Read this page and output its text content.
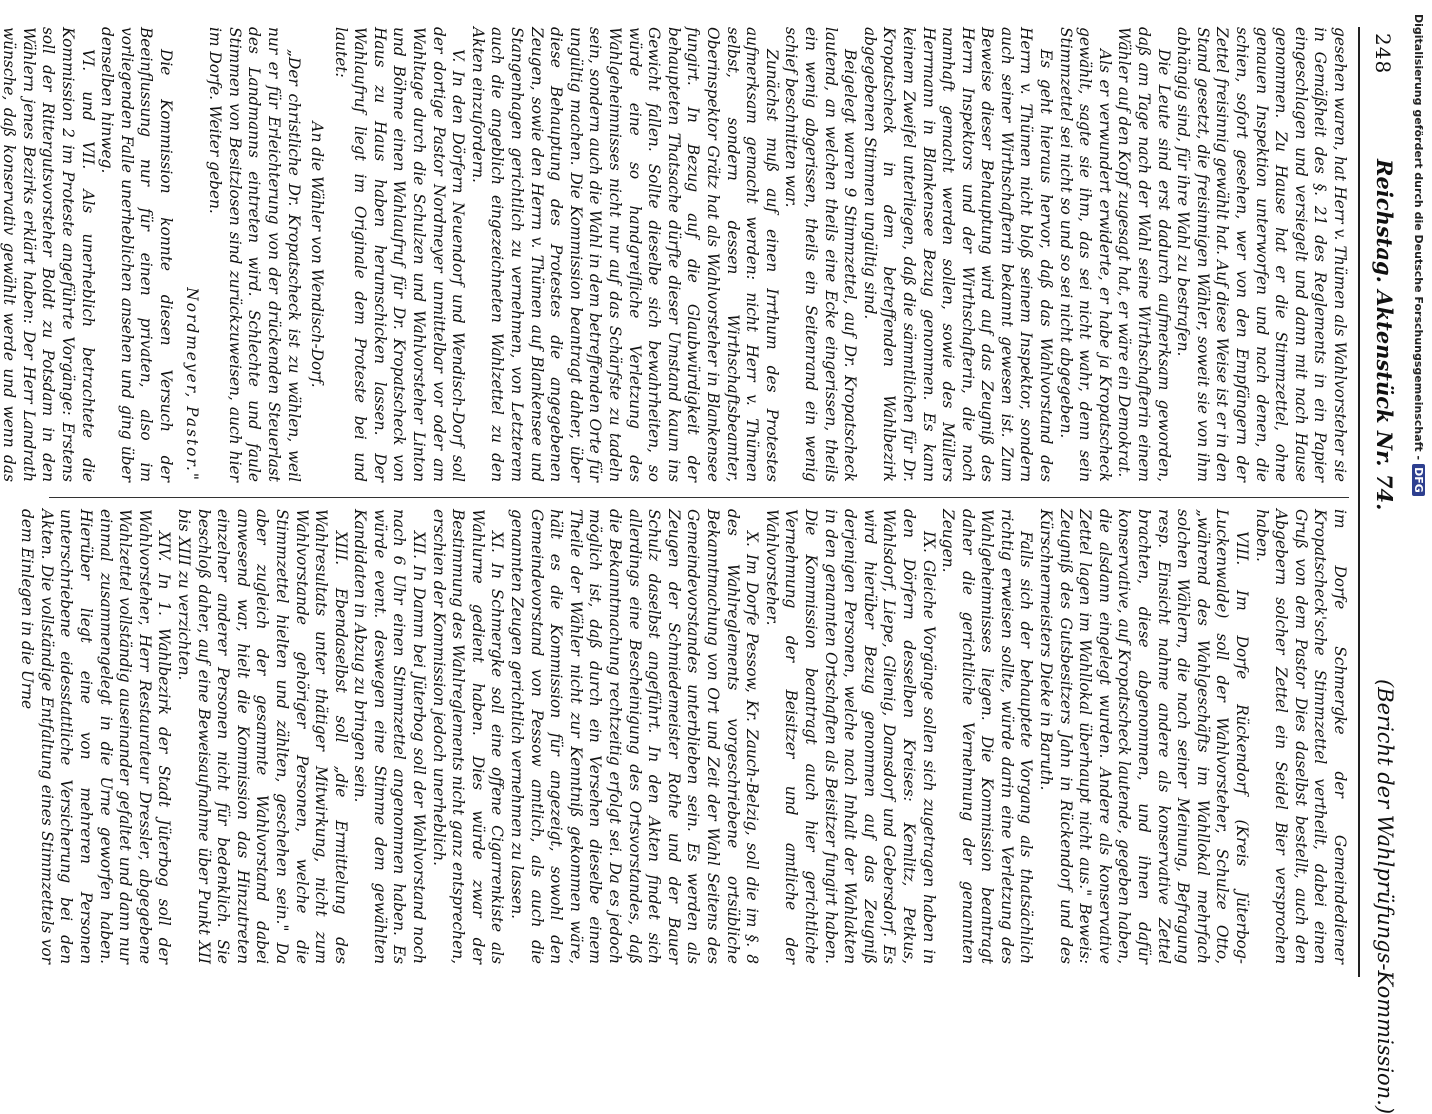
248
Reichstag. Aktenstück Nr. 74.
(Bericht der Wahlprüfungs-Kommission.)

gesehen waren, hat Herr v. Thümen als Wahlvorsteher sie in Gemäßheit des §. 21 des Reglements in ein Papier eingeschlagen und versiegelt und dann mit nach Hause genommen. Zu Hause hat er die Stimmzettel, ohne genauen Inspektion unterworfen und nach denen, die schien, sofort gesehen, wer von den Empfängern der Zettel freisinnig gewählt hat. Auf diese Weise ist er in den Stand gesetzt, die freisinnigen Wähler, soweit sie von ihm abhängig sind, für ihre Wahl zu bestrafen.

Die Leute sind erst dadurch aufmerksam geworden, daß am Tage nach der Wahl seine Wirthschafterin einem Wähler auf den Kopf zugesagt hat, er wäre ein Demokrat.

Als er verwundert erwiderte, er habe ja Kropatscheck gewählt, sagte sie ihm, das sei nicht wahr, denn sein Stimmzettel sei nicht so und so sei nicht abgegeben.

Es geht hieraus hervor, daß das Wahlvorstand des Herrn v. Thümen nicht bloß seinem Inspektor, sondern auch seiner Wirthschafterin bekannt gewesen ist. Zum Beweise dieser Behauptung wird auf das Zeugniß des Herrn Inspektors und der Wirthschafterin, die noch namhaft gemacht werden sollen, sowie des Müllers Herrmann in Blankensee Bezug genommen. Es kann keinem Zweifel unterliegen, daß die sämmtlichen für Dr. Kropatscheck in dem betreffenden Wahlbezirk abgegebenen Stimmen ungültig sind.

Beigelegt waren 9 Stimmzettel, auf Dr. Kropatscheck lautend, an welchen theils eine Ecke eingerissen, theils ein wenig abgerissen, theils ein Seitenrand ein wenig schief beschnitten war.

Zunächst muß auf einen Irrthum des Protestes aufmerksam gemacht werden: nicht Herr v. Thümen selbst, sondern dessen Wirthschaftsbeamter, Oberinspektor Grätz hat als Wahlvorsteher in Blankensee fungirt. In Bezug auf die Glaubwürdigkeit der behaupteten Thatsache dürfte dieser Umstand kaum ins Gewicht fallen. Sollte dieselbe sich bewahrheiten, so würde eine so handgreifliche Verletzung des Wahlgeheimnisses nicht nur auf das Schärfste zu tadeln sein, sondern auch die Wahl in dem betreffenden Orte für ungültig machen. Die Kommission beantragt daher, über diese Behauptung des Protestes die angegebenen Zeugen, sowie den Herrn v. Thümen auf Blankensee und Stangenhagen gerichtlich zu vernehmen, von Letzterem auch die angeblich eingezeichneten Wahlzettel zu den Akten einzufordern.

V. In den Dörfern Neuendorf und Wendisch-Dorf soll der dortige Pastor Nordmeyer unmittelbar vor oder am Wahltage durch die Schulzen und Wahlvorsteher Linton und Böhme einen Wahlaufruf für Dr. Kropatscheck von Haus zu Haus haben herumschicken lassen. Der Wahlaufruf liegt im Originale dem Proteste bei und lautet:

An die Wähler von Wendisch-Dorf.

„Der christliche Dr. Kropatscheck ist zu wählen, weil nur er für Erleichterung von der drückenden Steuerlast des Landmanns eintreten wird. Schlechte und faule Stimmen von Besitzlosen sind zurückzuweisen, auch hier im Dorfe. Weiter geben.

Nordmeyer, Pastor."

Die Kommission konnte diesen Versuch der Beeinflussung nur für einen privaten, also im vorliegenden Falle unerheblichen ansehen und ging über denselben hinweg.

VI. und VII. Als unerheblich betrachtete die Kommission 2 im Proteste angeführte Vorgänge: Erstens soll der Rittergutsvorsteher Boldt zu Potsdam in den Wählern jenes Bezirks erklärt haben: Der Herr Landrath wünsche, daß konservativ gewählt werde und wenn das

im Dorfe Schmergke der Gemeindediener Kropatscheck'sche Stimmzettel vertheilt, dabei einen Gruß von dem Pastor Dies daselbst bestellt, auch den Abgebern solcher Zettel ein Seidel Bier versprochen haben.

VIII. Im Dorfe Rückendorf (Kreis Jüterbog-Luckenwalde) soll der Wahlvorsteher, Schulze Otto, „während des Wahlgeschäfts im Wahllokal mehrfach solchen Wählern, die nach seiner Meinung, Befragung resp. Einsicht nahme andere als konservative Zettel brachten, diese abgenommen, und ihnen dafür konservative, auf Kropatscheck lautende, gegeben haben, die alsdann eingelegt wurden. Andere als konservative Zettel lagen im Wahllokal überhaupt nicht aus." Beweis: Zeugniß des Gutsbesitzers Jahn in Rückendorf und des Kürschnermeisters Dieke in Baruth.

Falls sich der behauptete Vorgang als thatsächlich richtig erweisen sollte, würde darin eine Verletzung des Wahlgeheimnisses liegen. Die Kommission beantragt daher die gerichtliche Vernehmung der genannten Zeugen.

IX. Gleiche Vorgänge sollen sich zugetragen haben in den Dörfern desselben Kreises: Kemlitz, Petkus, Wahlsdorf, Liepe, Glienig, Damsdorf und Gebersdorf. Es wird hierüber Bezug genommen auf das Zeugniß derjenigen Personen, welche nach Inhalt der Wahlakten in den genannten Ortschaften als Beisitzer fungirt haben. Die Kommission beantragt auch hier gerichtliche Vernehmung der Beisitzer und amtliche der Wahlvorsteher.

X. Im Dorfe Pessow, Kr. Zauch-Belzig, soll die im §. 8 des Wahlreglements vorgeschriebene ortsübliche Bekanntmachung von Ort und Zeit der Wahl Seitens des Gemeindevorstandes unterblieben sein. Es werden als Zeugen der Schmiedemeister Rothe und der Bauer Schulz daselbst angeführt. In den Akten findet sich allerdings eine Bescheinigung des Ortsvorstandes, daß die Bekanntmachung rechtzeitig erfolgt sei. Da es jedoch möglich ist, daß durch ein Versehen dieselbe einem Theile der Wähler nicht zur Kenntniß gekommen wäre, hält es die Kommission für angezeigt, sowohl den Gemeindevorstand von Pessow amtlich, als auch die genannten Zeugen gerichtlich vernehmen zu lassen.

XI. In Schmergke soll eine offene Cigarrenkiste als Wahlurne gedient haben. Dies würde zwar der Bestimmung des Wahlreglements nicht ganz entsprechen, erschien der Kommission jedoch unerheblich.

XII. In Damm bei Jüterbog soll der Wahlvorstand noch nach 6 Uhr einen Stimmzettel angenommen haben. Es würde event. deswegen eine Stimme dem gewählten Kandidaten in Abzug zu bringen sein.

XIII. Ebendaselbst soll „die Ermittelung des Wahlresultats unter thätiger Mitwirkung, nicht zum Wahlvorstande gehöriger Personen, welche die Stimmzettel hielten und zählten, geschehen sein." Da aber zugleich der gesammte Wahlvorstand dabei anwesend war, hielt die Kommission das Hinzutreten einzelner anderer Personen nicht für bedenklich. Sie beschloß daher, auf eine Beweisaufnahme über Punkt XII bis XIII zu verzichten.

XIV. In 1. Wahlbezirk der Stadt Jüterbog soll der Wahlvorsteher, Herr Restaurateur Dressler, abgegebene Wahlzettel vollständig auseinander gefaltet und dann nur einmal zusammengelegt in die Urne geworfen haben. Hierüber liegt eine von mehreren Personen unterschriebene eidesstattliche Versicherung bei den Akten. Die vollständige Entfaltung eines Stimmzettels vor dem Einlegen in die Urne

Digitalisierung gefördert durch die Deutsche Forschungsgemeinschaft -DFG
